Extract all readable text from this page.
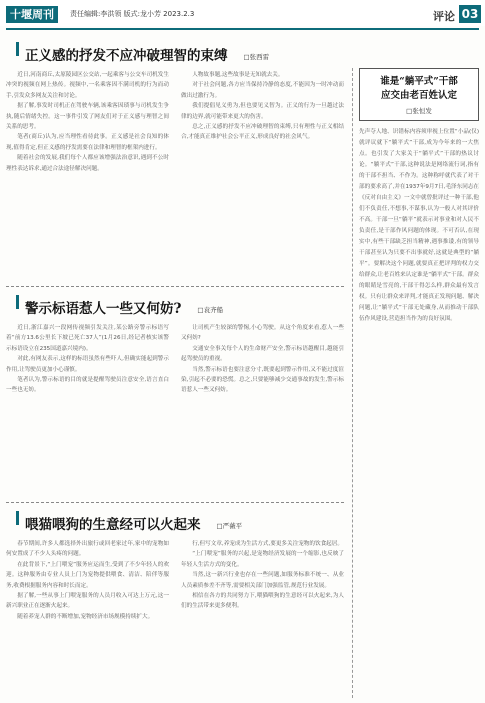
十堰周刊	责任编辑:李洪领 版式:龙小芳 2023.2.3	评论 03
正义感的抒发不应冲破理智的束缚 □张西雷

近日,河南商丘,太原陵园区公交站,一起乘客与公交车司机发生冲突的视频在网上热传。视频中,一名乘客因不满司机的行为而动手,引发众多网友关注和讨论。

据了解,事发时司机正在驾驶车辆,该乘客因琐事与司机发生争执,随后情绪失控。这一事件引发了网友们对于正义感与理智之间关系的思考。

笔者(商丘)认为,应当理性看待此事。正义感是社会良知的体现,值得肯定,但正义感的抒发需要在法律和理智的框架内进行。

随着社会的发展,我们每个人都应该增强法治意识,遇到不公时理性表达诉求,通过合法途径解决问题。

人物故事题,这些故事是无知就去关。

对于社会问题,各方应当保持冷静的态度,不能因为一时冲动而做出过激行为。

我们提倡见义勇为,但也要见义智为。正义的行为一旦越过法律的边界,就可能带来更大的伤害。

总之,正义感的抒发不应冲破理智的束缚,只有理性与正义相结合,才能真正维护社会公平正义,形成良好的社会风气。

警示标语惹人一些又何妨? □袁齐船

近日,浙江嘉兴一段网传视频引发关注,某公路旁警示标语写着“前方13.6公里长下坡已死亡37人”(1月26日,经记者核实该警示标语设立在235国道嘉兴境内)。

对此,有网友表示,这样的标语虽然有些吓人,但确实能起到警示作用,让驾驶员更加小心谨慎。

笔者认为,警示标语的目的就是提醒驾驶员注意安全,语言直白一些也无妨。

让司机产生较深的警惕,小心驾驶。从这个角度来看,惹人一些又何妨?

交通安全事关每个人的生命财产安全,警示标语越醒目,越能引起驾驶员的重视。

当然,警示标语也要注意分寸,既要起到警示作用,又不能过度渲染,引起不必要的恐慌。总之,只要能够减少交通事故的发生,警示标语惹人一些又何妨。

喂猫喂狗的生意经可以火起来 □严薇平

春节期间,许多人都选择外出旅行或回老家过年,家中的宠物如何安置成了不少人头疼的问题。

在此背景下,“上门喂宠”服务应运而生,受到了不少年轻人的欢迎。这种服务由专业人员上门为宠物提供喂食、清洁、陪伴等服务,收费根据服务内容和时长而定。

据了解,一些从事上门喂宠服务的人员月收入可达上万元,这一新兴职业正在逐渐火起来。

随着养宠人群的不断增加,宠物经济市场规模持续扩大。

行,但写文章,养宠成为生活方式,要更多关注宠物的饮食起居。

“上门喂宠”服务的兴起,是宠物经济发展的一个缩影,也反映了年轻人生活方式的变化。

当然,这一新兴行业也存在一些问题,如服务标准不统一、从业人员素质参差不齐等,需要相关部门加强监管,规范行业发展。

相信在各方的共同努力下,喂猫喂狗的生意经可以火起来,为人们的生活带来更多便利。

谁是“躺平式”干部
应交由老百姓认定
□张恒发
先声夺人地、识错标内容须审视上位置“小品(仅)就评议就下“躺平式”干部,成为今年来的一大焦点。也引发了大家关于“躺平式”干部的热议讨论。“躺平式”干部,这种说法是网络流行词,指有的干部不担当、不作为。这种称呼就代表了对干部的要求高了,并在1937年9月7日,毛泽东同志在《反对自由主义》一文中就曾批评过一种干部,他们不负责任,不想事,不谋事,认为一般人对其评价不高。干部一旦“躺平”就表示对事业和对人民不负责任,是干部作风问题的体现。不可否认,在现实中,有些干部缺乏担当精神,遇事推诿,有的领导干部甚至认为只要不出事就好,这就是典型的“躺平”。要解决这个问题,就要真正把评判的权力交给群众,让老百姓来认定谁是“躺平式”干部。群众的眼睛是雪亮的,干部干得怎么样,群众最有发言权。只有让群众来评判,才能真正发现问题、解决问题,让“躺平式”干部无处藏身,从而推动干部队伍作风建设,营造担当作为的良好氛围。
